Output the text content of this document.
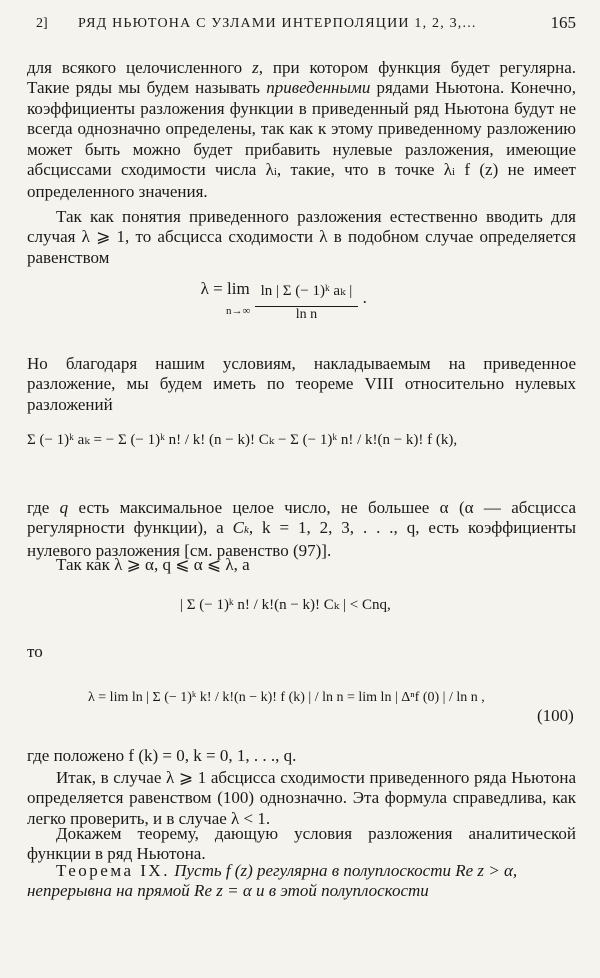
2] РЯД НЬЮТОНА С УЗЛАМИ ИНТЕРПОЛЯЦИИ 1, 2, 3,...	165
для всякого целочисленного z, при котором функция будет регулярна. Такие ряды мы будем называть приведенными рядами Ньютона. Конечно, коэффициенты разложения функции в приведенный ряд Ньютона будут не всегда однозначно определены, так как к этому приведенному разложению может быть можно будет прибавить нулевые разложения, имеющие абсциссами сходимости числа λi, такие, что в точке λi f (z) не имеет определенного значения.
Так как понятия приведенного разложения естественно вводить для случая λ ⩾ 1, то абсцисса сходимости λ в подобном случае определяется равенством
λ = lim
$n\to\infty \frac{\text{ln | Σ (− 1)ᵏ aₖ |}}{\text{ln n}}$ .
Но благодаря нашим условиям, накладываемым на приведенное разложение, мы будем иметь по теореме VIII относительно нулевых разложений
Σ (− 1)ᵏ aₖ = − Σ (− 1)ᵏ n! / k! (n − k)! Cₖ − Σ (− 1)ᵏ n! / k!(n − k)! f (k),
где q есть максимальное целое число, не большее α (α — абсцисса регулярности функции), а Ck, k = 1, 2, 3, . . ., q, есть коэффициенты нулевого разложения [см. равенство (97)].
Так как λ ⩾ α, q ⩽ α ⩽ λ, а
| Σ (− 1)ᵏ n! / k!(n − k)! Cₖ | < Cnq,
то
λ = lim ln | Σ (− 1)ᵏ k! / k!(n − k)! f (k) | / ln n = lim ln | Δⁿf (0) | / ln n ,
(100)
где положено f (k) = 0, k = 0, 1, . . ., q.
Итак, в случае λ ⩾ 1 абсцисса сходимости приведенного ряда Ньютона определяется равенством (100) однозначно. Эта формула справедлива, как легко проверить, и в случае λ < 1.
Докажем теорему, дающую условия разложения аналитической функции в ряд Ньютона.
Теорема IX. Пусть f (z) регулярна в полуплоскости Re z > α,
непрерывна на прямой Re z = α и в этой полуплоскости
